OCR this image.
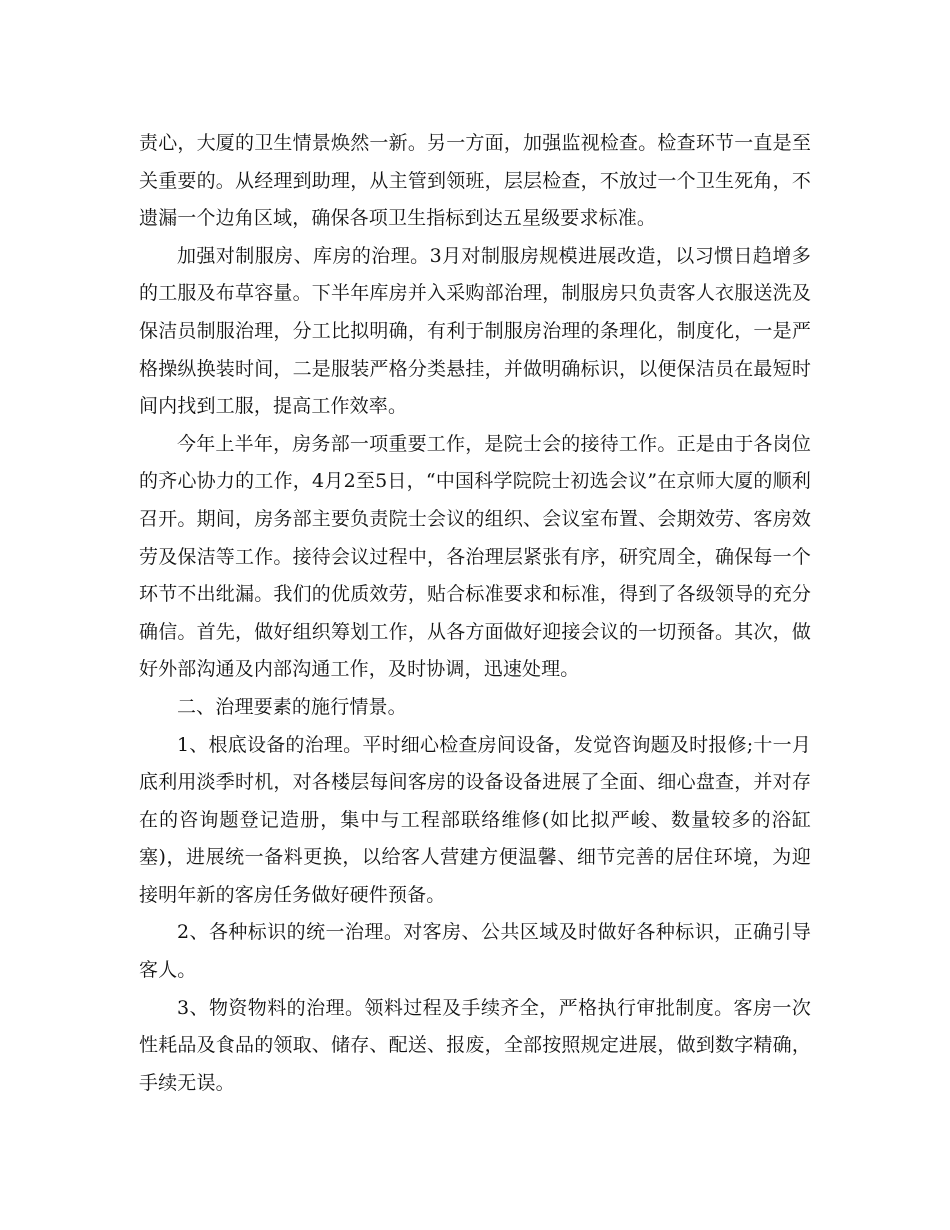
责心，大厦的卫生情景焕然一新。另一方面，加强监视检查。检查环节一直是至关重要的。从经理到助理，从主管到领班，层层检查，不放过一个卫生死角，不遗漏一个边角区域，确保各项卫生指标到达五星级要求标准。

加强对制服房、库房的治理。3月对制服房规模进展改造，以习惯日趋增多的工服及布草容量。下半年库房并入采购部治理，制服房只负责客人衣服送洗及保洁员制服治理，分工比拟明确，有利于制服房治理的条理化，制度化，一是严格操纵换装时间，二是服装严格分类悬挂，并做明确标识，以便保洁员在最短时间内找到工服，提高工作效率。

今年上半年，房务部一项重要工作，是院士会的接待工作。正是由于各岗位的齐心协力的工作，4月2至5日，“中国科学院院士初选会议”在京师大厦的顺利召开。期间，房务部主要负责院士会议的组织、会议室布置、会期效劳、客房效劳及保洁等工作。接待会议过程中，各治理层紧张有序，研究周全，确保每一个环节不出纰漏。我们的优质效劳，贴合标准要求和标准，得到了各级领导的充分确信。首先，做好组织筹划工作，从各方面做好迎接会议的一切预备。其次，做好外部沟通及内部沟通工作，及时协调，迅速处理。

二、治理要素的施行情景。

1、根底设备的治理。平时细心检查房间设备，发觉咨询题及时报修;十一月底利用淡季时机，对各楼层每间客房的设备设备进展了全面、细心盘查，并对存在的咨询题登记造册，集中与工程部联络维修(如比拟严峻、数量较多的浴缸塞)，进展统一备料更换，以给客人营建方便温馨、细节完善的居住环境，为迎接明年新的客房任务做好硬件预备。

2、各种标识的统一治理。对客房、公共区域及时做好各种标识，正确引导客人。

3、物资物料的治理。领料过程及手续齐全，严格执行审批制度。客房一次性耗品及食品的领取、储存、配送、报废，全部按照规定进展，做到数字精确，手续无误。
